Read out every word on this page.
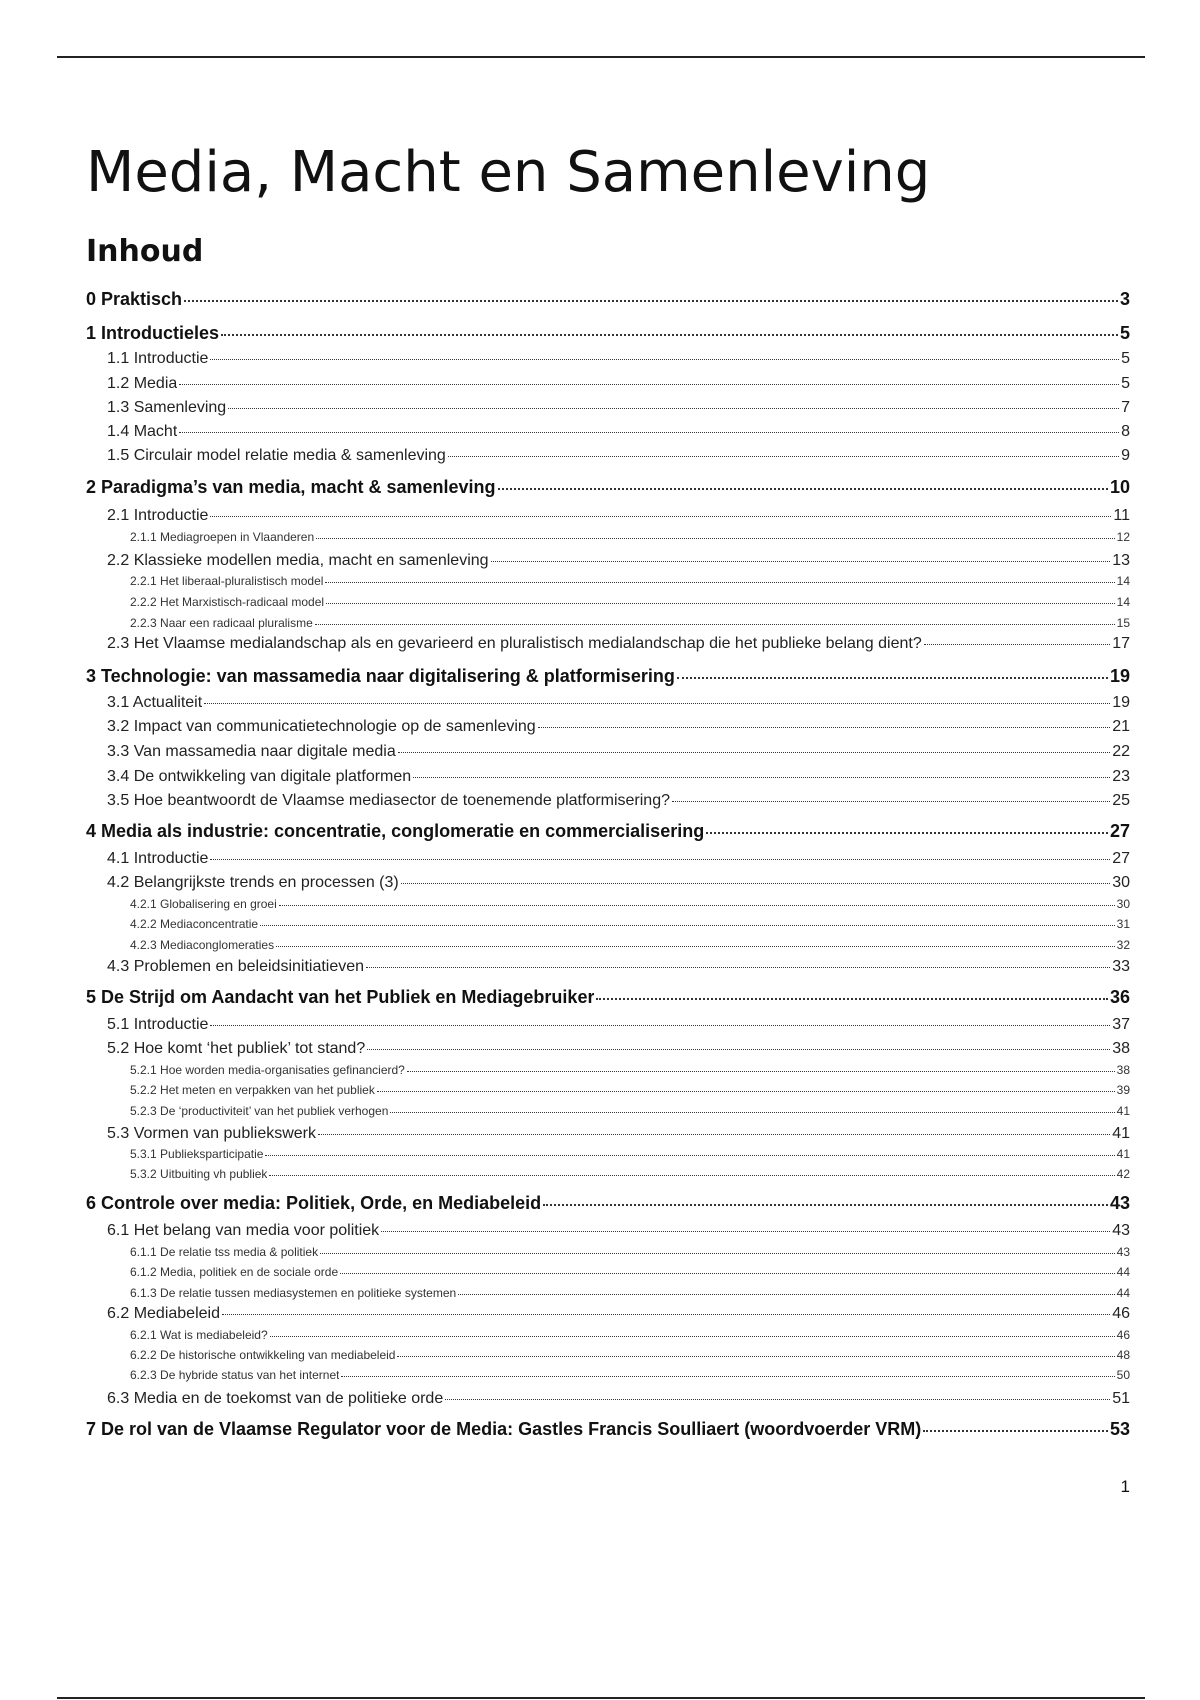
Media, Macht en Samenleving
Inhoud
0 Praktisch	3
1 Introductieles	5
1.1 Introductie	5
1.2 Media	5
1.3 Samenleving	7
1.4 Macht	8
1.5 Circulair model relatie media & samenleving	9
2 Paradigma’s van media, macht & samenleving	10
2.1 Introductie	11
2.1.1 Mediagroepen in Vlaanderen	12
2.2 Klassieke modellen media, macht en samenleving	13
2.2.1 Het liberaal-pluralistisch model	14
2.2.2 Het Marxistisch-radicaal model	14
2.2.3 Naar een radicaal pluralisme	15
2.3 Het Vlaamse medialandschap als en gevarieerd en pluralistisch medialandschap die het publieke belang dient?	17
3 Technologie: van massamedia naar digitalisering & platformisering	19
3.1 Actualiteit	19
3.2 Impact van communicatietechnologie op de samenleving	21
3.3 Van massamedia naar digitale media	22
3.4 De ontwikkeling van digitale platformen	23
3.5 Hoe beantwoordt de Vlaamse mediasector de toenemende platformisering?	25
4 Media als industrie: concentratie, conglomeratie en commercialisering	27
4.1 Introductie	27
4.2 Belangrijkste trends en processen (3)	30
4.2.1 Globalisering en groei	30
4.2.2 Mediaconcentratie	31
4.2.3 Mediaconglomeraties	32
4.3 Problemen en beleidsinitiatieven	33
5 De Strijd om Aandacht van het Publiek en Mediagebruiker	36
5.1 Introductie	37
5.2 Hoe komt ‘het publiek’ tot stand?	38
5.2.1 Hoe worden media-organisaties gefinancierd?	38
5.2.2 Het meten en verpakken van het publiek	39
5.2.3 De ‘productiviteit’ van het publiek verhogen	41
5.3 Vormen van publiekswerk	41
5.3.1 Publieksparticipatie	41
5.3.2 Uitbuiting vh publiek	42
6 Controle over media: Politiek, Orde, en Mediabeleid	43
6.1 Het belang van media voor politiek	43
6.1.1 De relatie tss media & politiek	43
6.1.2 Media, politiek en de sociale orde	44
6.1.3 De relatie tussen mediasystemen en politieke systemen	44
6.2 Mediabeleid	46
6.2.1 Wat is mediabeleid?	46
6.2.2 De historische ontwikkeling van mediabeleid	48
6.2.3 De hybride status van het internet	50
6.3 Media en de toekomst van de politieke orde	51
7 De rol van de Vlaamse Regulator voor de Media: Gastles Francis Soulliaert (woordvoerder VRM)	53
1
